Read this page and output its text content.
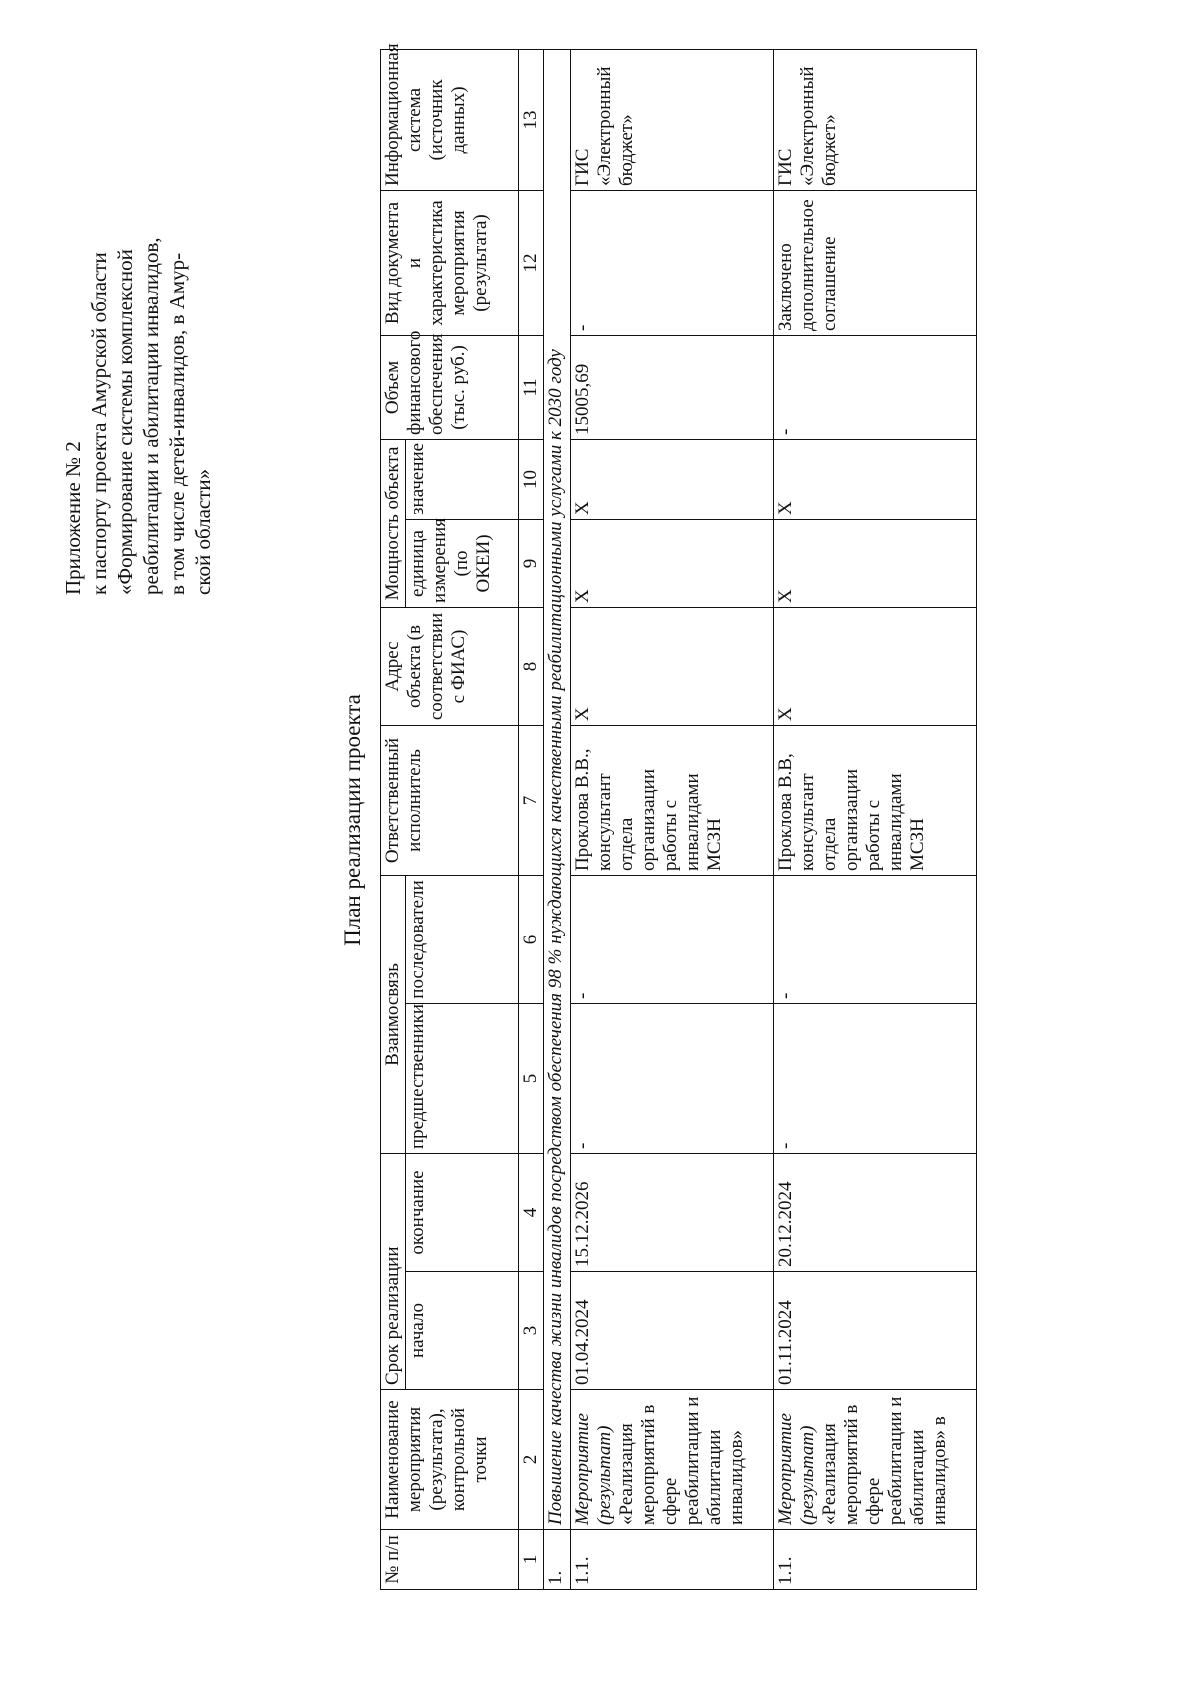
Приложение № 2 к паспорту проекта Амурской области «Формирование системы комплексной реабилитации и абилитации инвалидов, в том числе детей-инвалидов, в Амур- ской области»
План реализации проекта
№ п/п	Наименование мероприятия (результата), контрольной точки	Срок реализации		Взаимосвязь		Ответственный исполнитель	Адрес объекта (в соответствии с ФИАС)	Мощность объекта		Объем финансового обеспечения (тыс. руб.)	Вид документа и характеристика мероприятия (результата)	Информационная система (источник данных)
		начало	окончание	предшественники	последователи			единица измерения (по ОКЕИ)	значение			
1	2	3	4	5	6	7	8	9	10	11	12	13
1.	Повышение качества жизни инвалидов посредством обеспечения 98 % нуждающихся качественными реабилитационными услугами к 2030 году											
1.1.	Мероприятие (результат) «Реализация мероприятий в сфере реабилитации и абилитации инвалидов»	01.04.2024	15.12.2026	-	-	Проклова В.В., консультант отдела организации работы с инвалидами МСЗН	Х	Х	Х	15005,69	-	ГИС «Электронный бюджет»
1.1.	Мероприятие (результат) «Реализация мероприятий в сфере реабилитации и абилитации инвалидов» в	01.11.2024	20.12.2024	-	-	Проклова В.В, консультант отдела организации работы с инвалидами МСЗН	Х	Х	Х	-	Заключено дополнительное соглашение	ГИС «Электронный бюджет»
